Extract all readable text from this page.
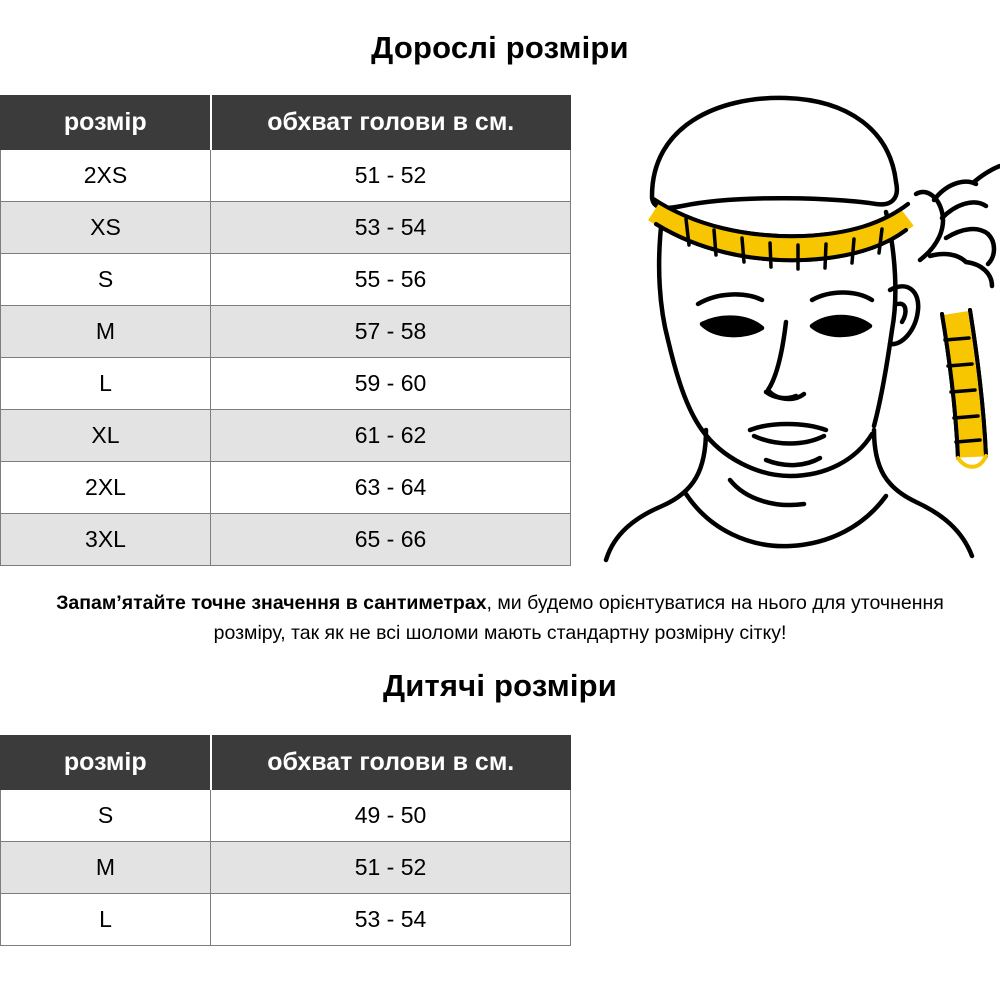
Дорослі розміри
розмір	обхват голови в см.
2XS	51 - 52
XS	53 - 54
S	55 - 56
M	57 - 58
L	59 - 60
XL	61 - 62
2XL	63 - 64
3XL	65 - 66
Запам’ятайте точне значення в сантиметрах, ми будемо орієнтуватися на нього для уточнення розміру, так як не всі шоломи мають стандартну розмірну сітку!
Дитячі розміри
розмір	обхват голови в см.
S	49 - 50
M	51 - 52
L	53 - 54
